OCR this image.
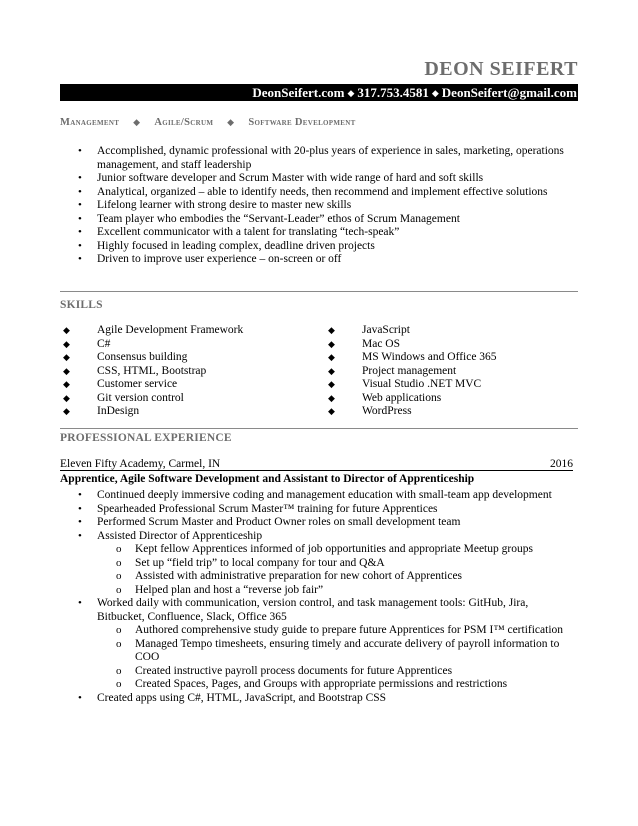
DEON SEIFERT
DeonSeifert.com ◆ 317.753.4581 ◆ DeonSeifert@gmail.com
Management ◆ Agile/Scrum ◆ Software Development
• Accomplished, dynamic professional with 20-plus years of experience in sales, marketing, operations management, and staff leadership
• Junior software developer and Scrum Master with wide range of hard and soft skills
• Analytical, organized – able to identify needs, then recommend and implement effective solutions
• Lifelong learner with strong desire to master new skills
• Team player who embodies the “Servant-Leader” ethos of Scrum Management
• Excellent communicator with a talent for translating “tech-speak”
• Highly focused in leading complex, deadline driven projects
• Driven to improve user experience – on-screen or off
SKILLS
◆ Agile Development Framework
◆ C#
◆ Consensus building
◆ CSS, HTML, Bootstrap
◆ Customer service
◆ Git version control
◆ InDesign
◆ JavaScript
◆ Mac OS
◆ MS Windows and Office 365
◆ Project management
◆ Visual Studio .NET MVC
◆ Web applications
◆ WordPress
PROFESSIONAL EXPERIENCE
Eleven Fifty Academy, Carmel, IN	2016
Apprentice, Agile Software Development and Assistant to Director of Apprenticeship
• Continued deeply immersive coding and management education with small-team app development
• Spearheaded Professional Scrum Master™ training for future Apprentices
• Performed Scrum Master and Product Owner roles on small development team
• Assisted Director of Apprenticeship
o Kept fellow Apprentices informed of job opportunities and appropriate Meetup groups
o Set up “field trip” to local company for tour and Q&A
o Assisted with administrative preparation for new cohort of Apprentices
o Helped plan and host a “reverse job fair”
• Worked daily with communication, version control, and task management tools: GitHub, Jira, Bitbucket, Confluence, Slack, Office 365
o Authored comprehensive study guide to prepare future Apprentices for PSM I™ certification
o Managed Tempo timesheets, ensuring timely and accurate delivery of payroll information to COO
o Created instructive payroll process documents for future Apprentices
o Created Spaces, Pages, and Groups with appropriate permissions and restrictions
• Created apps using C#, HTML, JavaScript, and Bootstrap CSS
